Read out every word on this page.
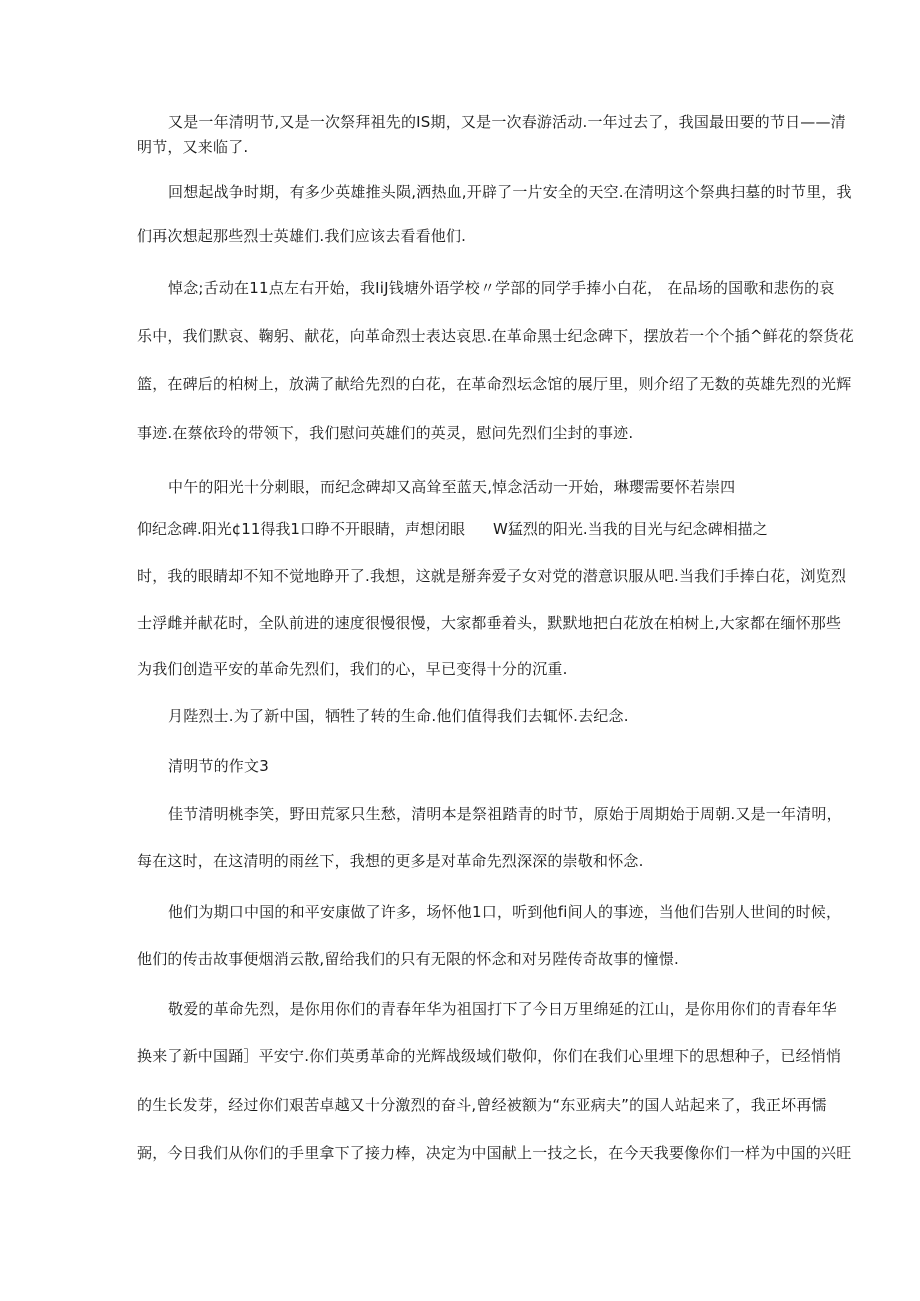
又是一年清明节,又是一次祭拜祖先的IS期，又是一次春游活动.一年过去了，我国最田要的节日——清
明节，又来临了.
回想起战争时期，有多少英雄推头陨,洒热血,开辟了一片安全的天空.在清明这个祭典扫墓的时节里，我
们再次想起那些烈士英雄们.我们应该去看看他们.
悼念;舌动在11点左右开始，我IiJ钱塘外语学校〃学部的同学手捧小白花， 在品场的国歌和悲伤的哀
乐中，我们默哀、鞠躬、献花，向革命烈士表达哀思.在革命黑士纪念碑下，摆放若一个个插^鲜花的祭货花
篮，在碑后的柏树上，放满了献给先烈的白花，在革命烈坛念馆的展厅里，则介绍了无数的英雄先烈的光辉
事迹.在蔡依玲的带领下，我们慰问英雄们的英灵，慰问先烈们尘封的事迹.
中午的阳光十分刺眼，而纪念碑却又高耸至蓝天,悼念活动一开始，琳璎需要怀若崇四
仰纪念碑.阳光¢11得我1口睁不开眼睛，声想闭眼 W猛烈的阳光.当我的目光与纪念碑相描之
时，我的眼睛却不知不觉地睁开了.我想，这就是掰奔爱子女对党的潜意识服从吧.当我们手捧白花，浏览烈
士浮雌并献花时，全队前进的速度很慢很慢，大家都垂着头，默默地把白花放在柏树上,大家都在缅怀那些
为我们创造平安的革命先烈们，我们的心，早已变得十分的沉重.
月陛烈士.为了新中国，牺牲了转的生命.他们值得我们去辄怀.去纪念.
清明节的作文3
佳节清明桃李笑，野田荒冢只生愁，清明本是祭祖踏青的时节，原始于周期始于周朝.又是一年清明，
每在这时，在这清明的雨丝下，我想的更多是对革命先烈深深的崇敬和怀念.
他们为期口中国的和平安康做了许多，场怀他1口，听到他fi间人的事迹，当他们告别人世间的时候，
他们的传击故事便烟消云散,留给我们的只有无限的怀念和对另陛传奇故事的憧憬.
敬爱的革命先烈，是你用你们的青春年华为祖国打下了今日万里绵延的江山，是你用你们的青春年华
换来了新中国踊］平安宁.你们英勇革命的光辉战级域们敬仰，你们在我们心里埋下的思想种子，已经悄悄
的生长发芽，经过你们艰苦卓越又十分激烈的奋斗,曾经被额为“东亚病夫”的国人站起来了，我正坏再懦
弼，今日我们从你们的手里拿下了接力棒，决定为中国献上一技之长，在今天我要像你们一样为中国的兴旺
